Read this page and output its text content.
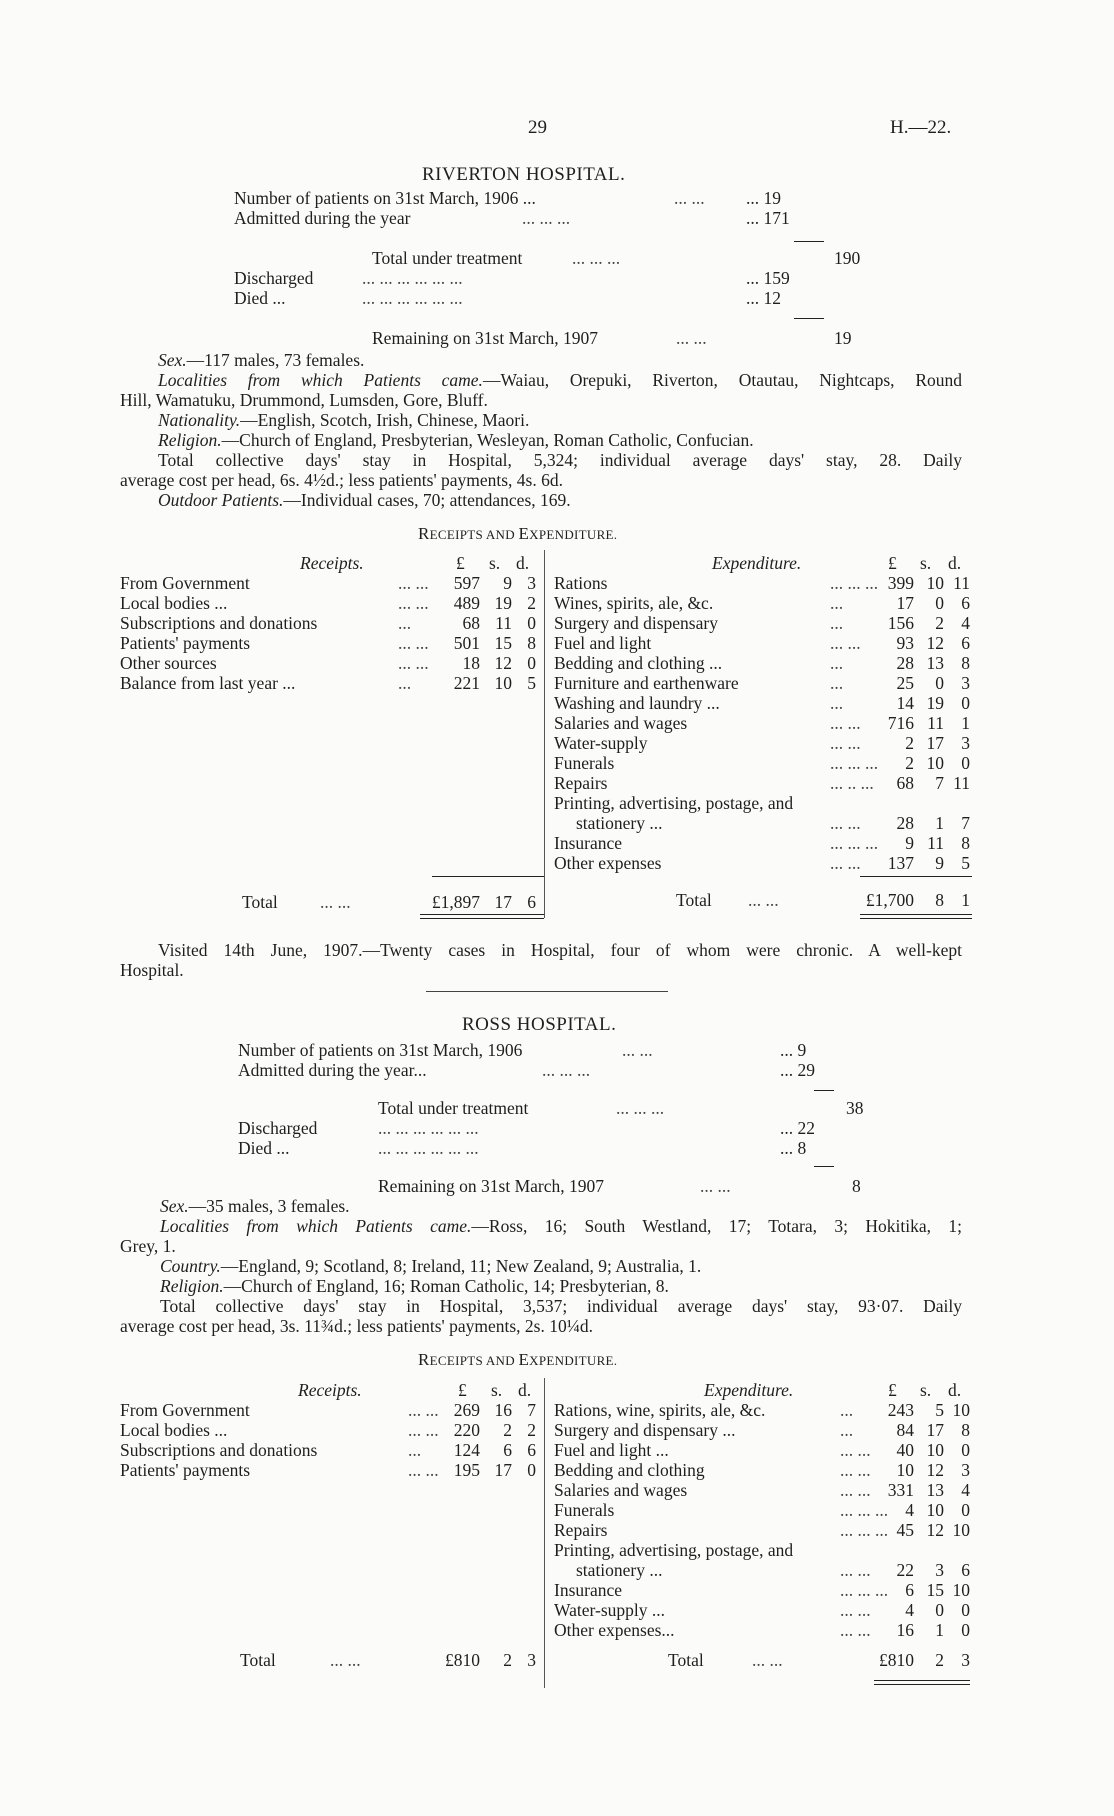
29	H.—22.
RIVERTON HOSPITAL.
Number of patients on 31st March, 1906 ...	... ... ... 19
Admitted during the year	... ... ...	... 171
Total under treatment	... ... ...	190
Discharged	... ... ... ... ... ...	... 159
Died ...	... ... ... ... ... ...	... 12
Remaining on 31st March, 1907	... ...	19
Sex.—117 males, 73 females.
Localities from which Patients came.—Waiau, Orepuki, Riverton, Otautau, Nightcaps, Round
Hill, Wamatuku, Drummond, Lumsden, Gore, Bluff.
Nationality.—English, Scotch, Irish, Chinese, Maori.
Religion.—Church of England, Presbyterian, Wesleyan, Roman Catholic, Confucian.
Total collective days' stay in Hospital, 5,324; individual average days' stay, 28. Daily
average cost per head, 6s. 4½d.; less patients' payments, 4s. 6d.
Outdoor Patients.—Individual cases, 70; attendances, 169.
RECEIPTS AND EXPENDITURE.
Receipts.	£ s. d.
From Government	... ...	597	9 3
Local bodies ...	... ...	489 19 2
Subscriptions and donations	...	68 11 0
Patients' payments	... ...	501 15 8
Other sources	... ...	18 12 0
Balance from last year ...	...	221 10 5
Expenditure.	£ s. d.
Rations	... ... ... 399 10 11
Wines, spirits, ale, &c.	...	17	0 6
Surgery and dispensary	...	156	2 4
Fuel and light	... ...	93 12 6
Bedding and clothing ...	...	28 13 8
Furniture and earthenware	...	25	0 3
Washing and laundry ...	...	14 19 0
Salaries and wages	... ...	716 11 1
Water-supply	... ...	2 17 3
Funerals	... ... ...	2 10 0
Repairs	... .. ...	68	7 11
Printing, advertising, postage, and
stationery ...	... ...	28	1 7
Insurance	... ... ...	9 11 8
Other expenses	... ...	137	9 5
Total ... ...	£1,897 17 6	Total ... ...	£1,700	8 1
Visited 14th June, 1907.—Twenty cases in Hospital, four of whom were chronic. A well-kept
Hospital.
ROSS HOSPITAL.
Number of patients on 31st March, 1906	... ...	... 9
Admitted during the year...	... ... ...	... 29
Total under treatment	... ... ...	38
Discharged	... ... ... ... ... ...	... 22
Died ...	... ... ... ... ... ...	... 8
Remaining on 31st March, 1907	... ...	8
Sex.—35 males, 3 females.
Localities from which Patients came.—Ross, 16; South Westland, 17; Totara, 3; Hokitika, 1;
Grey, 1.
Country.—England, 9; Scotland, 8; Ireland, 11; New Zealand, 9; Australia, 1.
Religion.—Church of England, 16; Roman Catholic, 14; Presbyterian, 8.
Total collective days' stay in Hospital, 3,537; individual average days' stay, 93·07. Daily
average cost per head, 3s. 11¾d.; less patients' payments, 2s. 10¼d.
RECEIPTS AND EXPENDITURE.
Receipts.	£ s. d.
From Government	... ... 269 16 7
Local bodies ...	... ... 220	2 2
Subscriptions and donations	...	124	6 6
Patients' payments	... ... 195 17 0
Expenditure.	£ s. d.
Rations, wine, spirits, ale, &c.	...	243	5 10
Surgery and dispensary ...	...	84 17 8
Fuel and light ...	... ...	40 10 0
Bedding and clothing	... ...	10 12 3
Salaries and wages	... ... 331 13 4
Funerals	... ... ... 4 10 0
Repairs	... ... ... 45 12 10
Printing, advertising, postage, and
stationery ...	... ...	22	3 6
Insurance	... ... ... 6 15 10
Water-supply ...	... ...	4	0 0
Other expenses...	... ...	16	1 0
Total	... ...	£810	2 3	Total	... ...	£810	2 3
